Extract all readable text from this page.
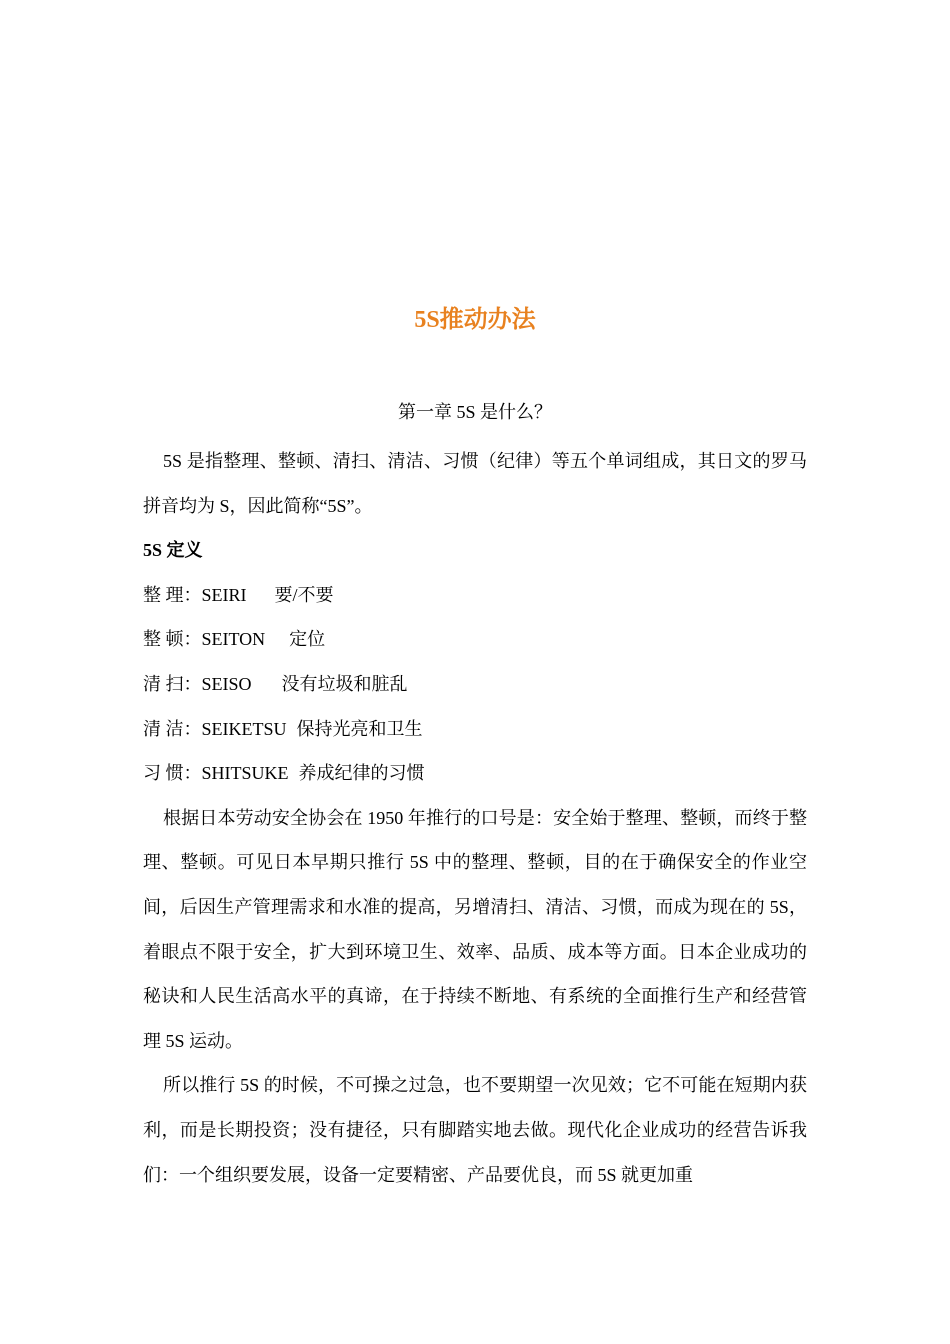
5S推动办法
第一章 5S 是什么？

5S 是指整理、整顿、清扫、清洁、习惯（纪律）等五个单词组成，其日文的罗马拼音均为 S，因此简称“5S”。

5S 定义

整 理：SEIRI 要/不要

整 顿：SEITON 定位

清 扫：SEISO 没有垃圾和脏乱

清 洁：SEIKETSU 保持光亮和卫生

习 惯：SHITSUKE 养成纪律的习惯

根据日本劳动安全协会在 1950 年推行的口号是：安全始于整理、整顿，而终于整理、整顿。可见日本早期只推行 5S 中的整理、整顿，目的在于确保安全的作业空间，后因生产管理需求和水准的提高，另增清扫、清洁、习惯，而成为现在的 5S，着眼点不限于安全，扩大到环境卫生、效率、品质、成本等方面。日本企业成功的秘诀和人民生活高水平的真谛，在于持续不断地、有系统的全面推行生产和经营管理 5S 运动。

所以推行 5S 的时候，不可操之过急，也不要期望一次见效；它不可能在短期内获利，而是长期投资；没有捷径，只有脚踏实地去做。现代化企业成功的经营告诉我们：一个组织要发展，设备一定要精密、产品要优良，而 5S 就更加重
